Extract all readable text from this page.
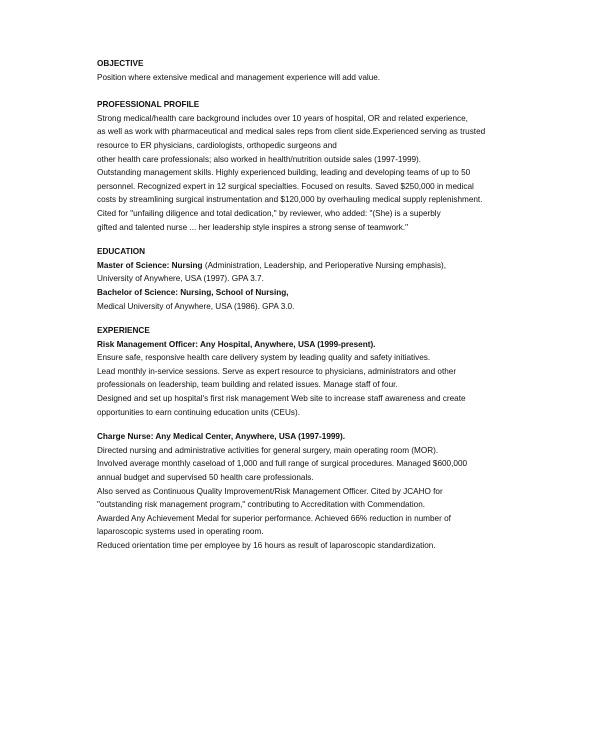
OBJECTIVE
Position where extensive medical and management experience will add value.
PROFESSIONAL PROFILE
Strong medical/health care background includes over 10 years of hospital, OR and related experience,
as well as work with pharmaceutical and medical sales reps from client side.Experienced serving as trusted
resource to ER physicians, cardiologists, orthopedic surgeons and
other health care professionals; also worked in health/nutrition outside sales (1997-1999).
Outstanding management skills. Highly experienced building, leading and developing teams of up to 50
personnel. Recognized expert in 12 surgical specialties. Focused on results. Saved $250,000 in medical
costs by streamlining surgical instrumentation and $120,000 by overhauling medical supply replenishment.
Cited for "unfailing diligence and total dedication," by reviewer, who added: "(She) is a superbly
gifted and talented nurse ... her leadership style inspires a strong sense of teamwork."
EDUCATION
Master of Science: Nursing (Administration, Leadership, and Perioperative Nursing emphasis),
University of Anywhere, USA (1997). GPA 3.7.
Bachelor of Science: Nursing, School of Nursing,
Medical University of Anywhere, USA (1986). GPA 3.0.
EXPERIENCE
Risk Management Officer: Any Hospital, Anywhere, USA (1999-present).
Ensure safe, responsive health care delivery system by leading quality and safety initiatives.
Lead monthly in-service sessions. Serve as expert resource to physicians, administrators and other
professionals on leadership, team building and related issues. Manage staff of four.
Designed and set up hospital's first risk management Web site to increase staff awareness and create
opportunities to earn continuing education units (CEUs).
Charge Nurse: Any Medical Center, Anywhere, USA (1997-1999).
Directed nursing and administrative activities for general surgery, main operating room (MOR).
Involved average monthly caseload of 1,000 and full range of surgical procedures. Managed $600,000
annual budget and supervised 50 health care professionals.
Also served as Continuous Quality Improvement/Risk Management Officer. Cited by JCAHO for
"outstanding risk management program," contributing to Accreditation with Commendation.
Awarded Any Achievement Medal for superior performance. Achieved 66% reduction in number of
laparoscopic systems used in operating room.
Reduced orientation time per employee by 16 hours as result of laparoscopic standardization.
